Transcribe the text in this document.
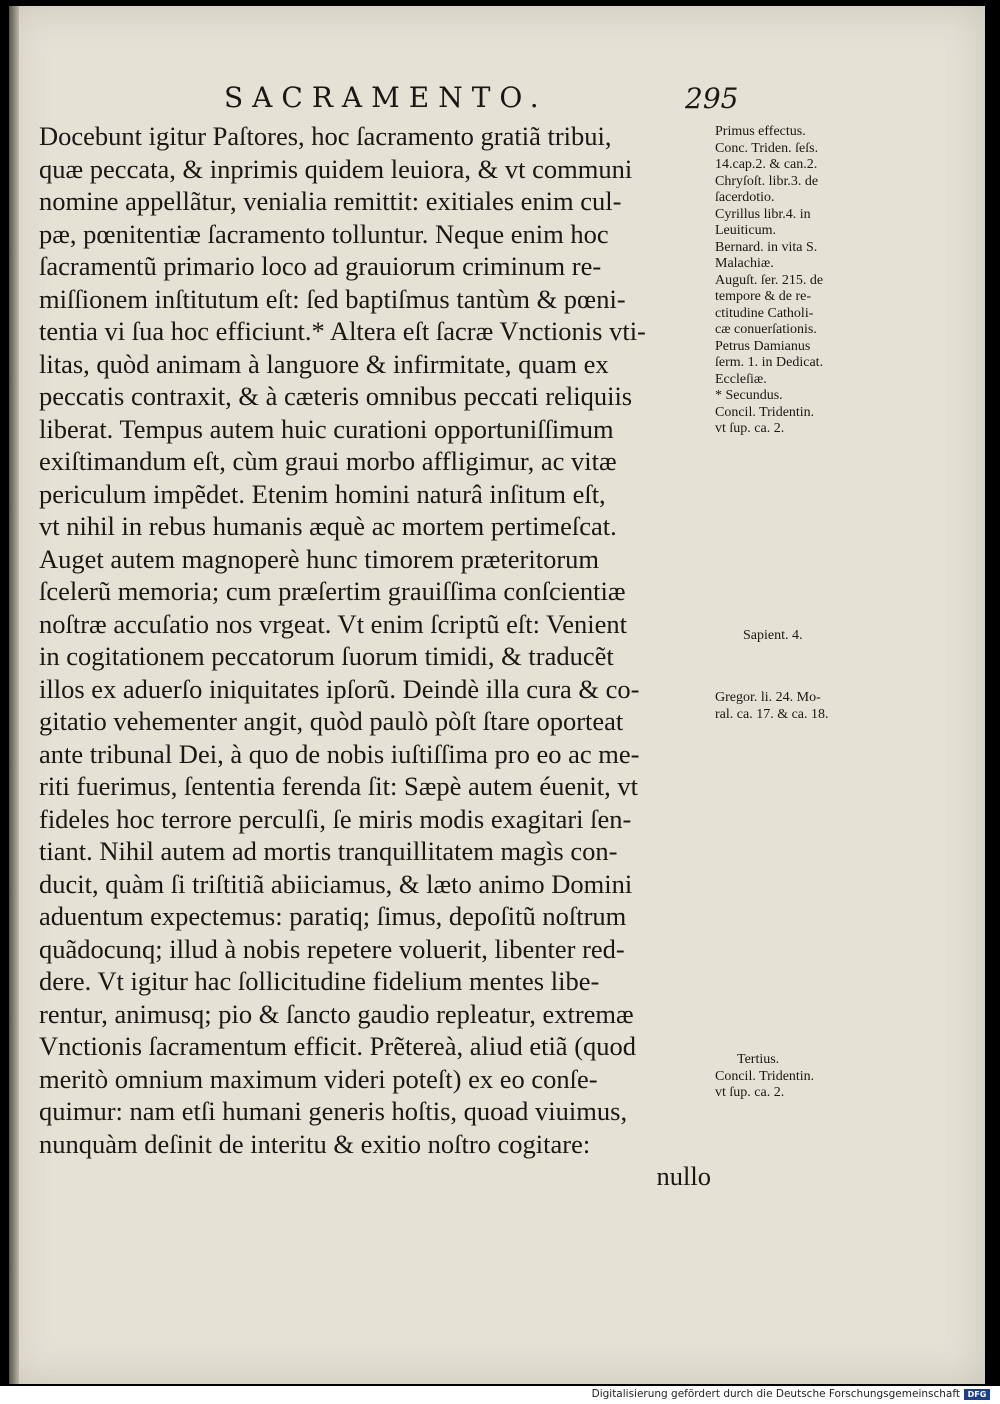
SACRAMENTO.	295
Docebunt igitur Paſtores, hoc ſacramento gratiã tribui,
quæ peccata, & inprimis quidem leuiora, & vt communi
nomine appellãtur, venialia remittit: exitiales enim cul-
pæ, pœnitentiæ ſacramento tolluntur. Neque enim hoc
ſacramentũ primario loco ad grauiorum criminum re-
miſſionem inſtitutum eſt: ſed baptiſmus tantùm & pœni-
tentia vi ſua hoc efficiunt.* Altera eſt ſacræ Vnctionis vti-
litas, quòd animam à languore & infirmitate, quam ex
peccatis contraxit, & à cæteris omnibus peccati reliquiis
liberat. Tempus autem huic curationi opportuniſſimum
exiſtimandum eſt, cùm graui morbo affligimur, ac vitæ
periculum impẽdet. Etenim homini naturâ inſitum eſt,
vt nihil in rebus humanis æquè ac mortem pertimeſcat.
Auget autem magnoperè hunc timorem præteritorum
ſcelerũ memoria; cum præſertim grauiſſima conſcientiæ
noſtræ accuſatio nos vrgeat. Vt enim ſcriptũ eſt: Venient
in cogitationem peccatorum ſuorum timidi, & traducẽt
illos ex aduerſo iniquitates ipſorũ. Deindè illa cura & co-
gitatio vehementer angit, quòd paulò pòſt ſtare oporteat
ante tribunal Dei, à quo de nobis iuſtiſſima pro eo ac me-
riti fuerimus, ſententia ferenda ſit: Sæpè autem éuenit, vt
fideles hoc terrore perculſi, ſe miris modis exagitari ſen-
tiant. Nihil autem ad mortis tranquillitatem magìs con-
ducit, quàm ſi triſtitiã abiiciamus, & læto animo Domini
aduentum expectemus: paratiq; ſimus, depoſitũ noſtrum
quãdocunq; illud à nobis repetere voluerit, libenter red-
dere. Vt igitur hac ſollicitudine fidelium mentes libe-
rentur, animusq; pio & ſancto gaudio repleatur, extremæ
Vnctionis ſacramentum efficit. Prẽtereà, aliud etiã (quod
meritò omnium maximum videri poteſt) ex eo conſe-
quimur: nam etſi humani generis hoſtis, quoad viuimus,
nunquàm deſinit de interitu & exitio noſtro cogitare:
nullo
Primus effectus.
Conc. Triden. ſeſs.
14.cap.2. & can.2.
Chryſoſt. libr.3. de
ſacerdotio.
Cyrillus libr.4. in
Leuiticum.
Bernard. in vita S.
Malachiæ.
Auguſt. ſer. 215. de
tempore & de re-
ctitudine Catholi-
cæ conuerſationis.
Petrus Damianus
ſerm. 1. in Dedicat.
Eccleſiæ.
* Secundus.
Concil. Tridentin.
vt ſup. ca. 2.
Sapient. 4.
Gregor. li. 24. Mo-
ral. ca. 17. & ca. 18.
Tertius.
Concil. Tridentin.
vt ſup. ca. 2.
Digitalisierung gefördert durch die Deutsche Forschungsgemeinschaft DFG
